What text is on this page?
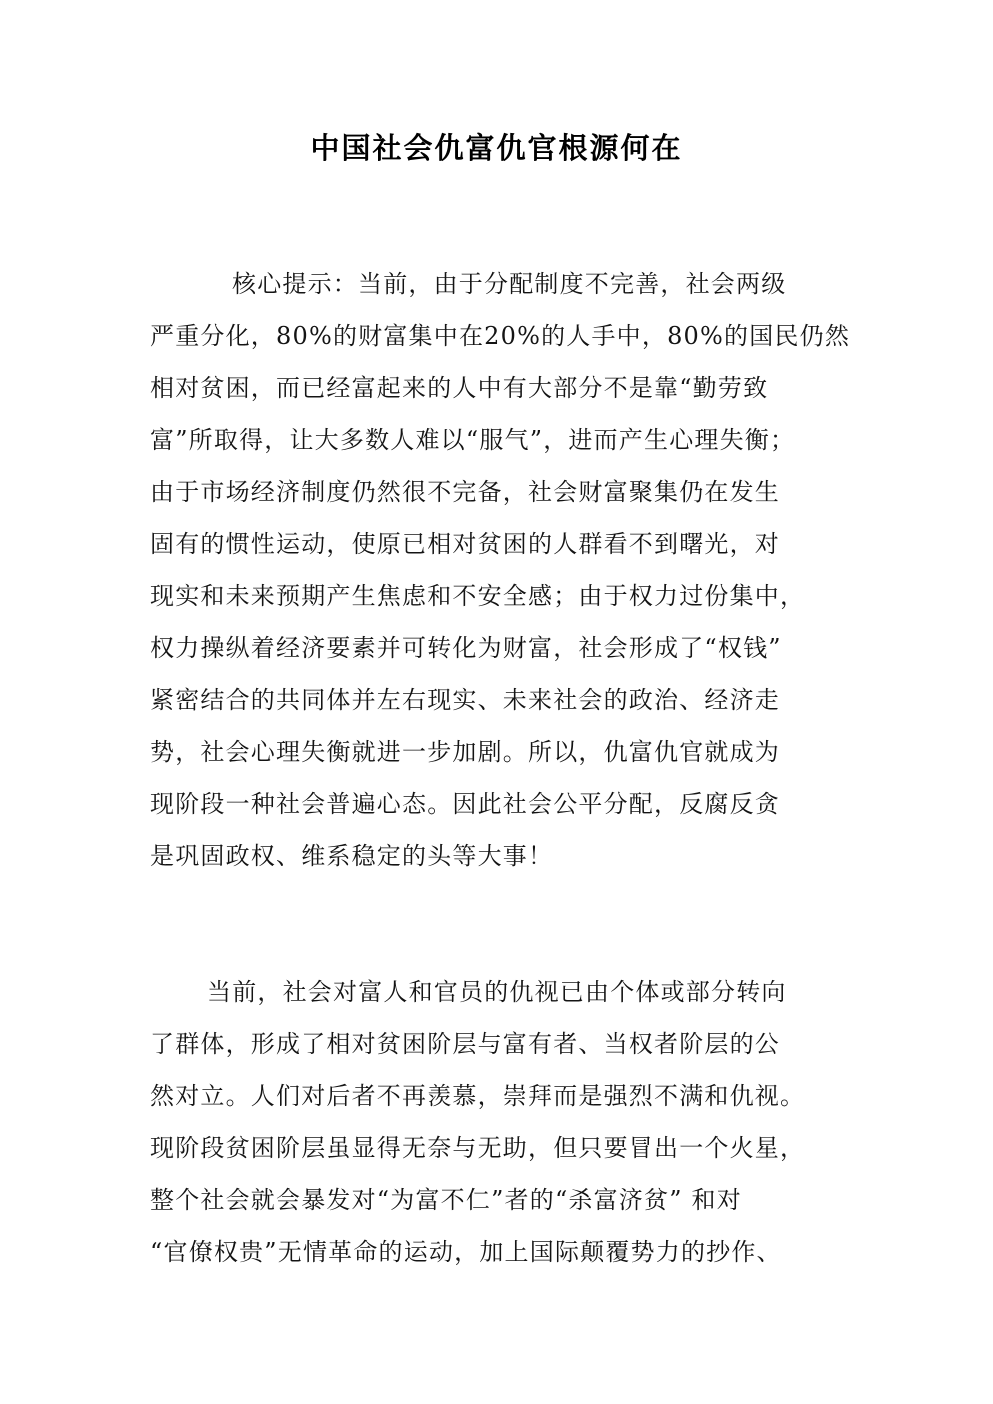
中国社会仇富仇官根源何在
核心提示：当前，由于分配制度不完善，社会两级
严重分化，80%的财富集中在20%的人手中，80%的国民仍然
相对贫困，而已经富起来的人中有大部分不是靠“勤劳致
富”所取得，让大多数人难以“服气”，进而产生心理失衡；
由于市场经济制度仍然很不完备，社会财富聚集仍在发生
固有的惯性运动，使原已相对贫困的人群看不到曙光，对
现实和未来预期产生焦虑和不安全感；由于权力过份集中，
权力操纵着经济要素并可转化为财富，社会形成了“权钱”
紧密结合的共同体并左右现实、未来社会的政治、经济走
势，社会心理失衡就进一步加剧。所以，仇富仇官就成为
现阶段一种社会普遍心态。因此社会公平分配，反腐反贪
是巩固政权、维系稳定的头等大事！
当前，社会对富人和官员的仇视已由个体或部分转向
了群体，形成了相对贫困阶层与富有者、当权者阶层的公
然对立。人们对后者不再羡慕，崇拜而是强烈不满和仇视。
现阶段贫困阶层虽显得无奈与无助，但只要冒出一个火星，
整个社会就会暴发对“为富不仁”者的“杀富济贫” 和对
“官僚权贵”无情革命的运动，加上国际颠覆势力的抄作、
